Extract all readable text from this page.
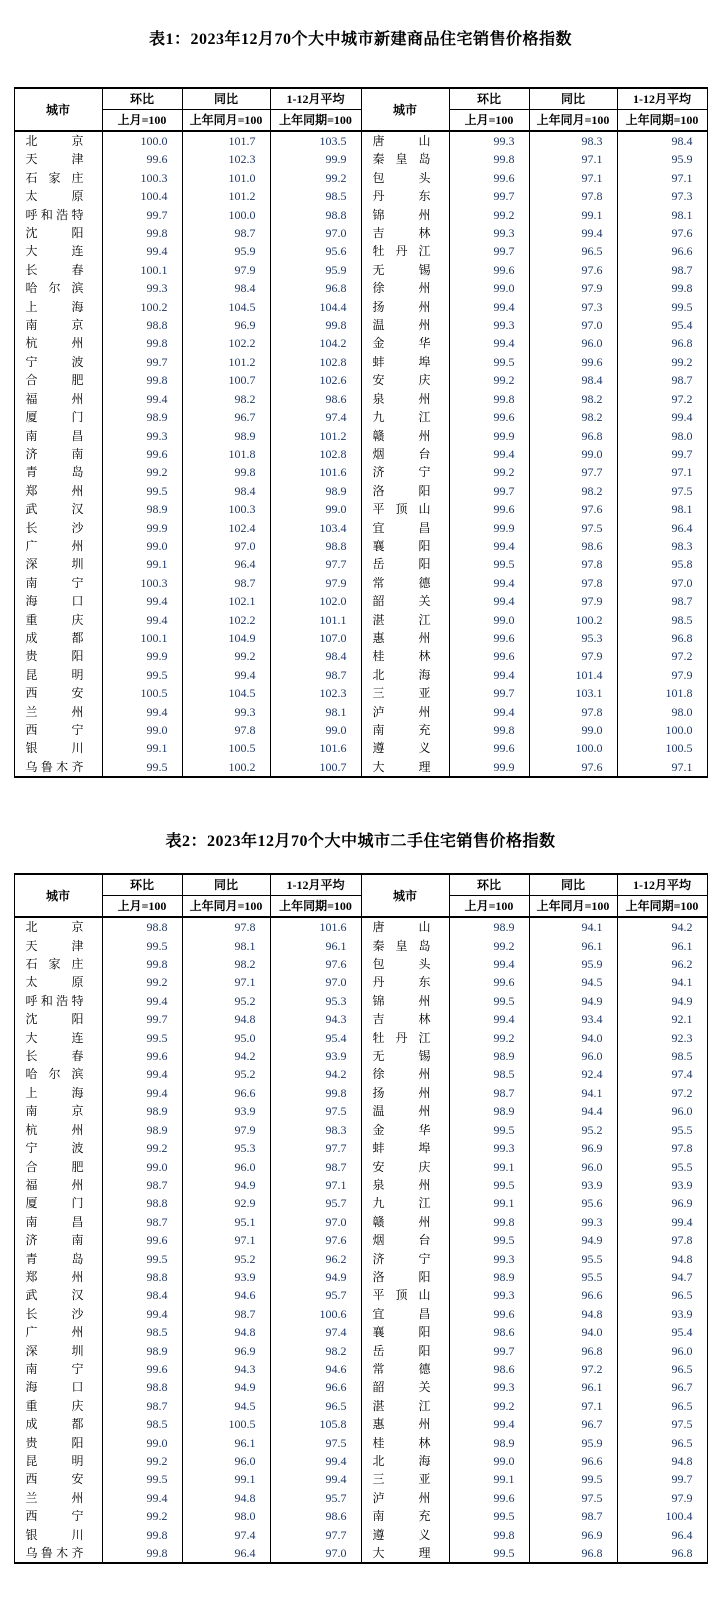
表1：2023年12月70个大中城市新建商品住宅销售价格指数
城市	环比	同比	1-12月平均	城市	环比	同比	1-12月平均
	上月=100	上年同月=100	上年同期=100		上月=100	上年同月=100	上年同期=100
北京	100.0	101.7	103.5	唐山	99.3	98.3	98.4
天津	99.6	102.3	99.9	秦皇岛	99.8	97.1	95.9
石家庄	100.3	101.0	99.2	包头	99.6	97.1	97.1
太原	100.4	101.2	98.5	丹东	99.7	97.8	97.3
呼和浩特	99.7	100.0	98.8	锦州	99.2	99.1	98.1
沈阳	99.8	98.7	97.0	吉林	99.3	99.4	97.6
大连	99.4	95.9	95.6	牡丹江	99.7	96.5	96.6
长春	100.1	97.9	95.9	无锡	99.6	97.6	98.7
哈尔滨	99.3	98.4	96.8	徐州	99.0	97.9	99.8
上海	100.2	104.5	104.4	扬州	99.4	97.3	99.5
南京	98.8	96.9	99.8	温州	99.3	97.0	95.4
杭州	99.8	102.2	104.2	金华	99.4	96.0	96.8
宁波	99.7	101.2	102.8	蚌埠	99.5	99.6	99.2
合肥	99.8	100.7	102.6	安庆	99.2	98.4	98.7
福州	99.4	98.2	98.6	泉州	99.8	98.2	97.2
厦门	98.9	96.7	97.4	九江	99.6	98.2	99.4
南昌	99.3	98.9	101.2	赣州	99.9	96.8	98.0
济南	99.6	101.8	102.8	烟台	99.4	99.0	99.7
青岛	99.2	99.8	101.6	济宁	99.2	97.7	97.1
郑州	99.5	98.4	98.9	洛阳	99.7	98.2	97.5
武汉	98.9	100.3	99.0	平顶山	99.6	97.6	98.1
长沙	99.9	102.4	103.4	宜昌	99.9	97.5	96.4
广州	99.0	97.0	98.8	襄阳	99.4	98.6	98.3
深圳	99.1	96.4	97.7	岳阳	99.5	97.8	95.8
南宁	100.3	98.7	97.9	常德	99.4	97.8	97.0
海口	99.4	102.1	102.0	韶关	99.4	97.9	98.7
重庆	99.4	102.2	101.1	湛江	99.0	100.2	98.5
成都	100.1	104.9	107.0	惠州	99.6	95.3	96.8
贵阳	99.9	99.2	98.4	桂林	99.6	97.9	97.2
昆明	99.5	99.4	98.7	北海	99.4	101.4	97.9
西安	100.5	104.5	102.3	三亚	99.7	103.1	101.8
兰州	99.4	99.3	98.1	泸州	99.4	97.8	98.0
西宁	99.0	97.8	99.0	南充	99.8	99.0	100.0
银川	99.1	100.5	101.6	遵义	99.6	100.0	100.5
乌鲁木齐	99.5	100.2	100.7	大理	99.9	97.6	97.1
表2：2023年12月70个大中城市二手住宅销售价格指数
城市	环比	同比	1-12月平均	城市	环比	同比	1-12月平均
	上月=100	上年同月=100	上年同期=100		上月=100	上年同月=100	上年同期=100
北京	98.8	97.8	101.6	唐山	98.9	94.1	94.2
天津	99.5	98.1	96.1	秦皇岛	99.2	96.1	96.1
石家庄	99.8	98.2	97.6	包头	99.4	95.9	96.2
太原	99.2	97.1	97.0	丹东	99.6	94.5	94.1
呼和浩特	99.4	95.2	95.3	锦州	99.5	94.9	94.9
沈阳	99.7	94.8	94.3	吉林	99.4	93.4	92.1
大连	99.5	95.0	95.4	牡丹江	99.2	94.0	92.3
长春	99.6	94.2	93.9	无锡	98.9	96.0	98.5
哈尔滨	99.4	95.2	94.2	徐州	98.5	92.4	97.4
上海	99.4	96.6	99.8	扬州	98.7	94.1	97.2
南京	98.9	93.9	97.5	温州	98.9	94.4	96.0
杭州	98.9	97.9	98.3	金华	99.5	95.2	95.5
宁波	99.2	95.3	97.7	蚌埠	99.3	96.9	97.8
合肥	99.0	96.0	98.7	安庆	99.1	96.0	95.5
福州	98.7	94.9	97.1	泉州	99.5	93.9	93.9
厦门	98.8	92.9	95.7	九江	99.1	95.6	96.9
南昌	98.7	95.1	97.0	赣州	99.8	99.3	99.4
济南	99.6	97.1	97.6	烟台	99.5	94.9	97.8
青岛	99.5	95.2	96.2	济宁	99.3	95.5	94.8
郑州	98.8	93.9	94.9	洛阳	98.9	95.5	94.7
武汉	98.4	94.6	95.7	平顶山	99.3	96.6	96.5
长沙	99.4	98.7	100.6	宜昌	99.6	94.8	93.9
广州	98.5	94.8	97.4	襄阳	98.6	94.0	95.4
深圳	98.9	96.9	98.2	岳阳	99.7	96.8	96.0
南宁	99.6	94.3	94.6	常德	98.6	97.2	96.5
海口	98.8	94.9	96.6	韶关	99.3	96.1	96.7
重庆	98.7	94.5	96.5	湛江	99.2	97.1	96.5
成都	98.5	100.5	105.8	惠州	99.4	96.7	97.5
贵阳	99.0	96.1	97.5	桂林	98.9	95.9	96.5
昆明	99.2	96.0	99.4	北海	99.0	96.6	94.8
西安	99.5	99.1	99.4	三亚	99.1	99.5	99.7
兰州	99.4	94.8	95.7	泸州	99.6	97.5	97.9
西宁	99.2	98.0	98.6	南充	99.5	98.7	100.4
银川	99.8	97.4	97.7	遵义	99.8	96.9	96.4
乌鲁木齐	99.8	96.4	97.0	大理	99.5	96.8	96.8
